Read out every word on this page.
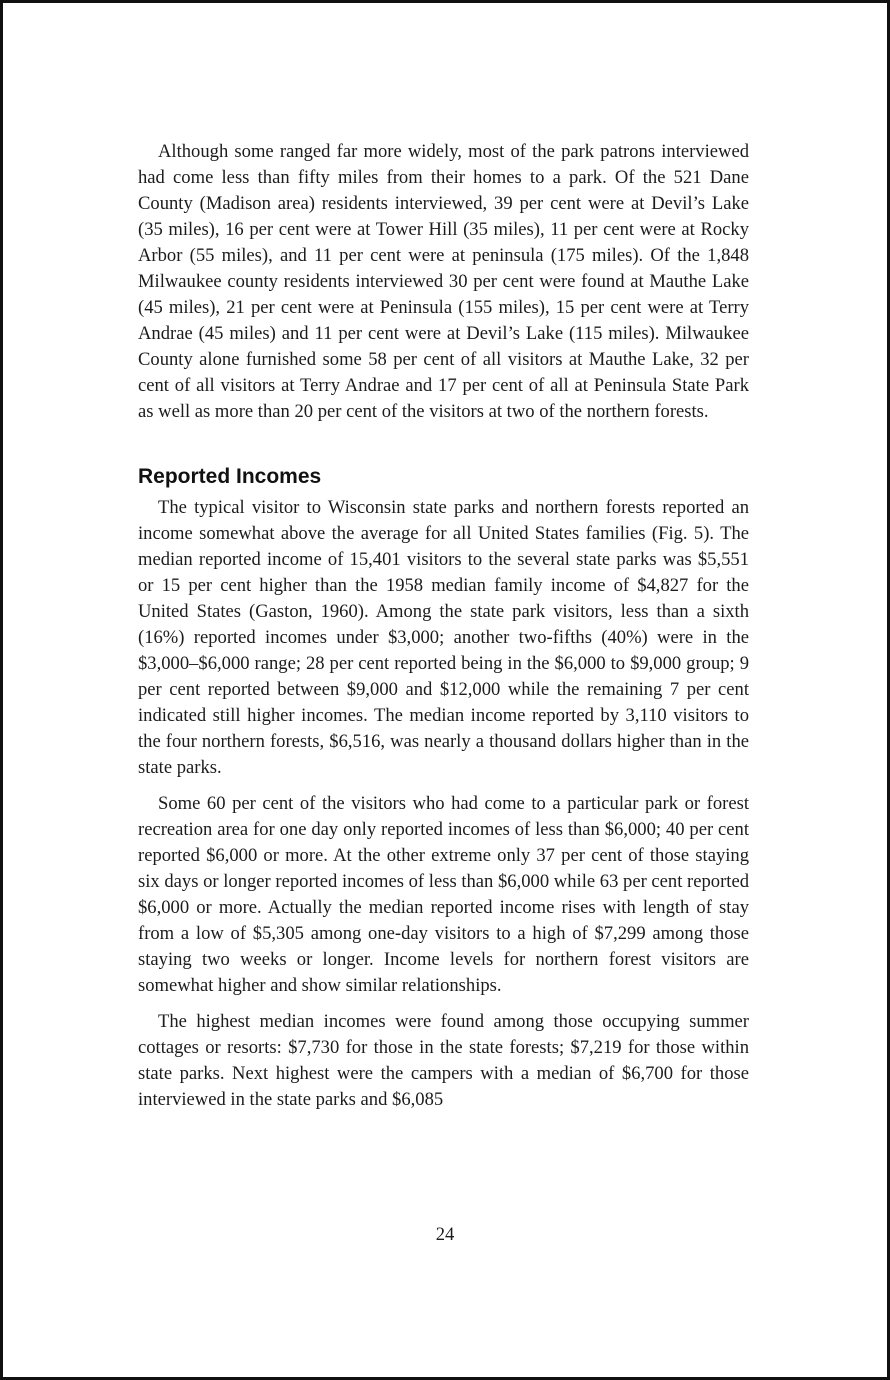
Although some ranged far more widely, most of the park patrons interviewed had come less than fifty miles from their homes to a park. Of the 521 Dane County (Madison area) residents interviewed, 39 per cent were at Devil’s Lake (35 miles), 16 per cent were at Tower Hill (35 miles), 11 per cent were at Rocky Arbor (55 miles), and 11 per cent were at peninsula (175 miles). Of the 1,848 Milwaukee county residents interviewed 30 per cent were found at Mauthe Lake (45 miles), 21 per cent were at Peninsula (155 miles), 15 per cent were at Terry Andrae (45 miles) and 11 per cent were at Devil’s Lake (115 miles). Milwaukee County alone furnished some 58 per cent of all visitors at Mauthe Lake, 32 per cent of all visitors at Terry Andrae and 17 per cent of all at Peninsula State Park as well as more than 20 per cent of the visitors at two of the northern forests.

Reported Incomes

The typical visitor to Wisconsin state parks and northern forests reported an income somewhat above the average for all United States families (Fig. 5). The median reported income of 15,401 visitors to the several state parks was $5,551 or 15 per cent higher than the 1958 median family income of $4,827 for the United States (Gaston, 1960). Among the state park visitors, less than a sixth (16%) reported incomes under $3,000; another two-fifths (40%) were in the $3,000–$6,000 range; 28 per cent reported being in the $6,000 to $9,000 group; 9 per cent reported between $9,000 and $12,000 while the remaining 7 per cent indicated still higher incomes. The median income reported by 3,110 visitors to the four northern forests, $6,516, was nearly a thousand dollars higher than in the state parks.

Some 60 per cent of the visitors who had come to a particular park or forest recreation area for one day only reported incomes of less than $6,000; 40 per cent reported $6,000 or more. At the other extreme only 37 per cent of those staying six days or longer reported incomes of less than $6,000 while 63 per cent reported $6,000 or more. Actually the median reported income rises with length of stay from a low of $5,305 among one-day visitors to a high of $7,299 among those staying two weeks or longer. Income levels for northern forest visitors are somewhat higher and show similar relationships.

The highest median incomes were found among those occupying summer cottages or resorts: $7,730 for those in the state forests; $7,219 for those within state parks. Next highest were the campers with a median of $6,700 for those interviewed in the state parks and $6,085

24
